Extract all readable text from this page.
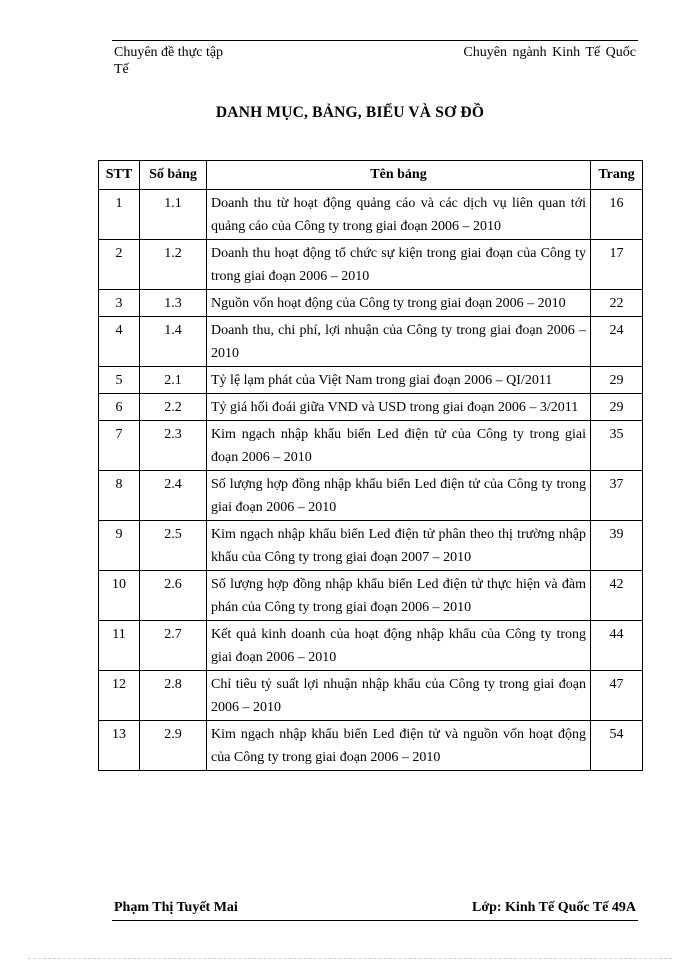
Chuyên đề thực tập
Tế
Chuyên ngành Kinh Tế Quốc
DANH MỤC, BẢNG, BIỂU VÀ SƠ ĐỒ
STT	Số bảng	Tên bảng	Trang
1	1.1	Doanh thu từ hoạt động quảng cáo và các dịch vụ liên quan tới quảng cáo của Công ty trong giai đoạn 2006 – 2010	16
2	1.2	Doanh thu hoạt động tổ chức sự kiện trong giai đoạn của Công ty trong giai đoạn 2006 – 2010	17
3	1.3	Nguồn vốn hoạt động của Công ty trong giai đoạn 2006 – 2010	22
4	1.4	Doanh thu, chi phí, lợi nhuận của Công ty trong giai đoạn 2006 – 2010	24
5	2.1	Tỷ lệ lạm phát của Việt Nam trong giai đoạn 2006 – QI/2011	29
6	2.2	Tỷ giá hối đoái giữa VND và USD trong giai đoạn 2006 – 3/2011	29
7	2.3	Kim ngạch nhập khẩu biển Led điện tử của Công ty trong giai đoạn 2006 – 2010	35
8	2.4	Số lượng hợp đồng nhập khẩu biển Led điện tử của Công ty trong giai đoạn 2006 – 2010	37
9	2.5	Kim ngạch nhập khẩu biển Led điện tử phân theo thị trường nhập khẩu của Công ty trong giai đoạn 2007 – 2010	39
10	2.6	Số lượng hợp đồng nhập khẩu biển Led điện tử thực hiện và đàm phán của Công ty trong giai đoạn 2006 – 2010	42
11	2.7	Kết quả kinh doanh của hoạt động nhập khẩu của Công ty trong giai đoạn 2006 – 2010	44
12	2.8	Chỉ tiêu tỷ suất lợi nhuận nhập khẩu của Công ty trong giai đoạn 2006 – 2010	47
13	2.9	Kim ngạch nhập khẩu biển Led điện tử và nguồn vốn hoạt động của Công ty trong giai đoạn 2006 – 2010	54
Phạm Thị Tuyết Mai	Lớp: Kinh Tế Quốc Tế 49A
